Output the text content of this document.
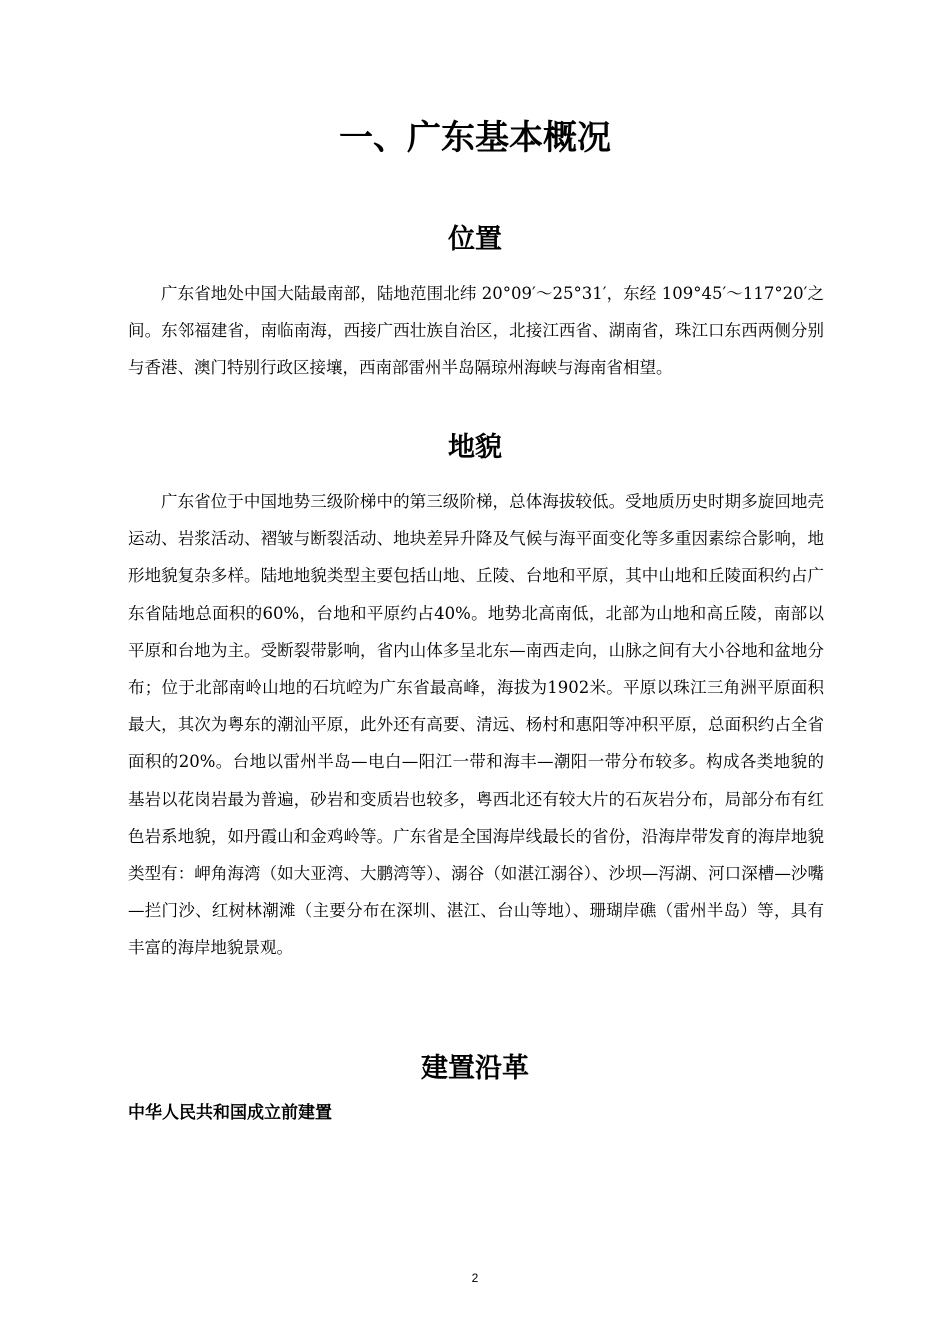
一、广东基本概况
位置

广东省地处中国大陆最南部，陆地范围北纬 20°09′～25°31′，东经 109°45′～117°20′之间。东邻福建省，南临南海，西接广西壮族自治区，北接江西省、湖南省，珠江口东西两侧分别与香港、澳门特别行政区接壤，西南部雷州半岛隔琼州海峡与海南省相望。

地貌

广东省位于中国地势三级阶梯中的第三级阶梯，总体海拔较低。受地质历史时期多旋回地壳运动、岩浆活动、褶皱与断裂活动、地块差异升降及气候与海平面变化等多重因素综合影响，地形地貌复杂多样。陆地地貌类型主要包括山地、丘陵、台地和平原，其中山地和丘陵面积约占广东省陆地总面积的60%，台地和平原约占40%。地势北高南低，北部为山地和高丘陵，南部以平原和台地为主。受断裂带影响，省内山体多呈北东—南西走向，山脉之间有大小谷地和盆地分布；位于北部南岭山地的石坑崆为广东省最高峰，海拔为1902米。平原以珠江三角洲平原面积最大，其次为粤东的潮汕平原，此外还有高要、清远、杨村和惠阳等冲积平原，总面积约占全省面积的20%。台地以雷州半岛—电白—阳江一带和海丰—潮阳一带分布较多。构成各类地貌的基岩以花岗岩最为普遍，砂岩和变质岩也较多，粤西北还有较大片的石灰岩分布，局部分布有红色岩系地貌，如丹霞山和金鸡岭等。广东省是全国海岸线最长的省份，沿海岸带发育的海岸地貌类型有：岬角海湾（如大亚湾、大鹏湾等）、溺谷（如湛江溺谷）、沙坝—泻湖、河口深槽—沙嘴—拦门沙、红树林潮滩（主要分布在深圳、湛江、台山等地）、珊瑚岸礁（雷州半岛）等，具有丰富的海岸地貌景观。

建置沿革
中华人民共和国成立前建置
2
